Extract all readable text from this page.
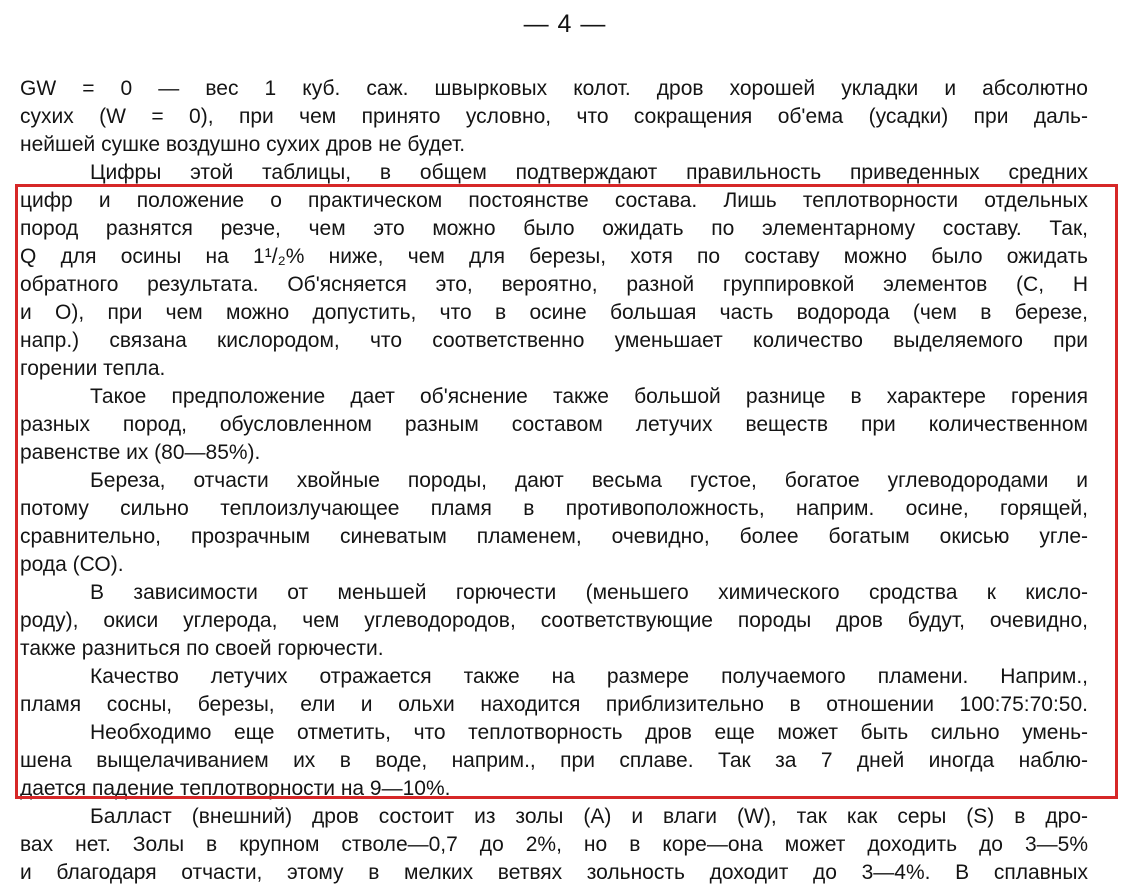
— 4 —
GW = 0 — вес 1 куб. саж. швырковых колот. дров хорошей укладки и абсолютно
сухих (W = 0), при чем принято условно, что сокращения об'ема (усадки) при даль-
нейшей сушке воздушно сухих дров не будет.
Цифры этой таблицы, в общем подтверждают правильность приведенных средних
цифр и положение о практическом постоянстве состава. Лишь теплотворности отдельных
пород разнятся резче, чем это можно было ожидать по элементарному составу. Так,
Q для осины на 1¹/₂% ниже, чем для березы, хотя по составу можно было ожидать
обратного результата. Об'ясняется это, вероятно, разной группировкой элементов (С, Н
и О), при чем можно допустить, что в осине большая часть водорода (чем в березе,
напр.) связана кислородом, что соответственно уменьшает количество выделяемого при
горении тепла.
Такое предположение дает об'яснение также большой разнице в характере горения
разных пород, обусловленном разным составом летучих веществ при количественном
равенстве их (80—85%).
Береза, отчасти хвойные породы, дают весьма густое, богатое углеводородами и
потому сильно теплоизлучающее пламя в противоположность, наприм. осине, горящей,
сравнительно, прозрачным синеватым пламенем, очевидно, более богатым окисью угле-
рода (СО).
В зависимости от меньшей горючести (меньшего химического сродства к кисло-
роду), окиси углерода, чем углеводородов, соответствующие породы дров будут, очевидно,
также разниться по своей горючести.
Качество летучих отражается также на размере получаемого пламени. Наприм.,
пламя сосны, березы, ели и ольхи находится приблизительно в отношении 100:75:70:50.
Необходимо еще отметить, что теплотворность дров еще может быть сильно умень-
шена выщелачиванием их в воде, наприм., при сплаве. Так за 7 дней иногда наблю-
дается падение теплотворности на 9—10%.
Балласт (внешний) дров состоит из золы (А) и влаги (W), так как серы (S) в дро-
вах нет. Золы в крупном стволе—0,7 до 2%, но в коре—она может доходить до 3—5%
и благодаря отчасти, этому в мелких ветвях зольность доходит до 3—4%. В сплавных
